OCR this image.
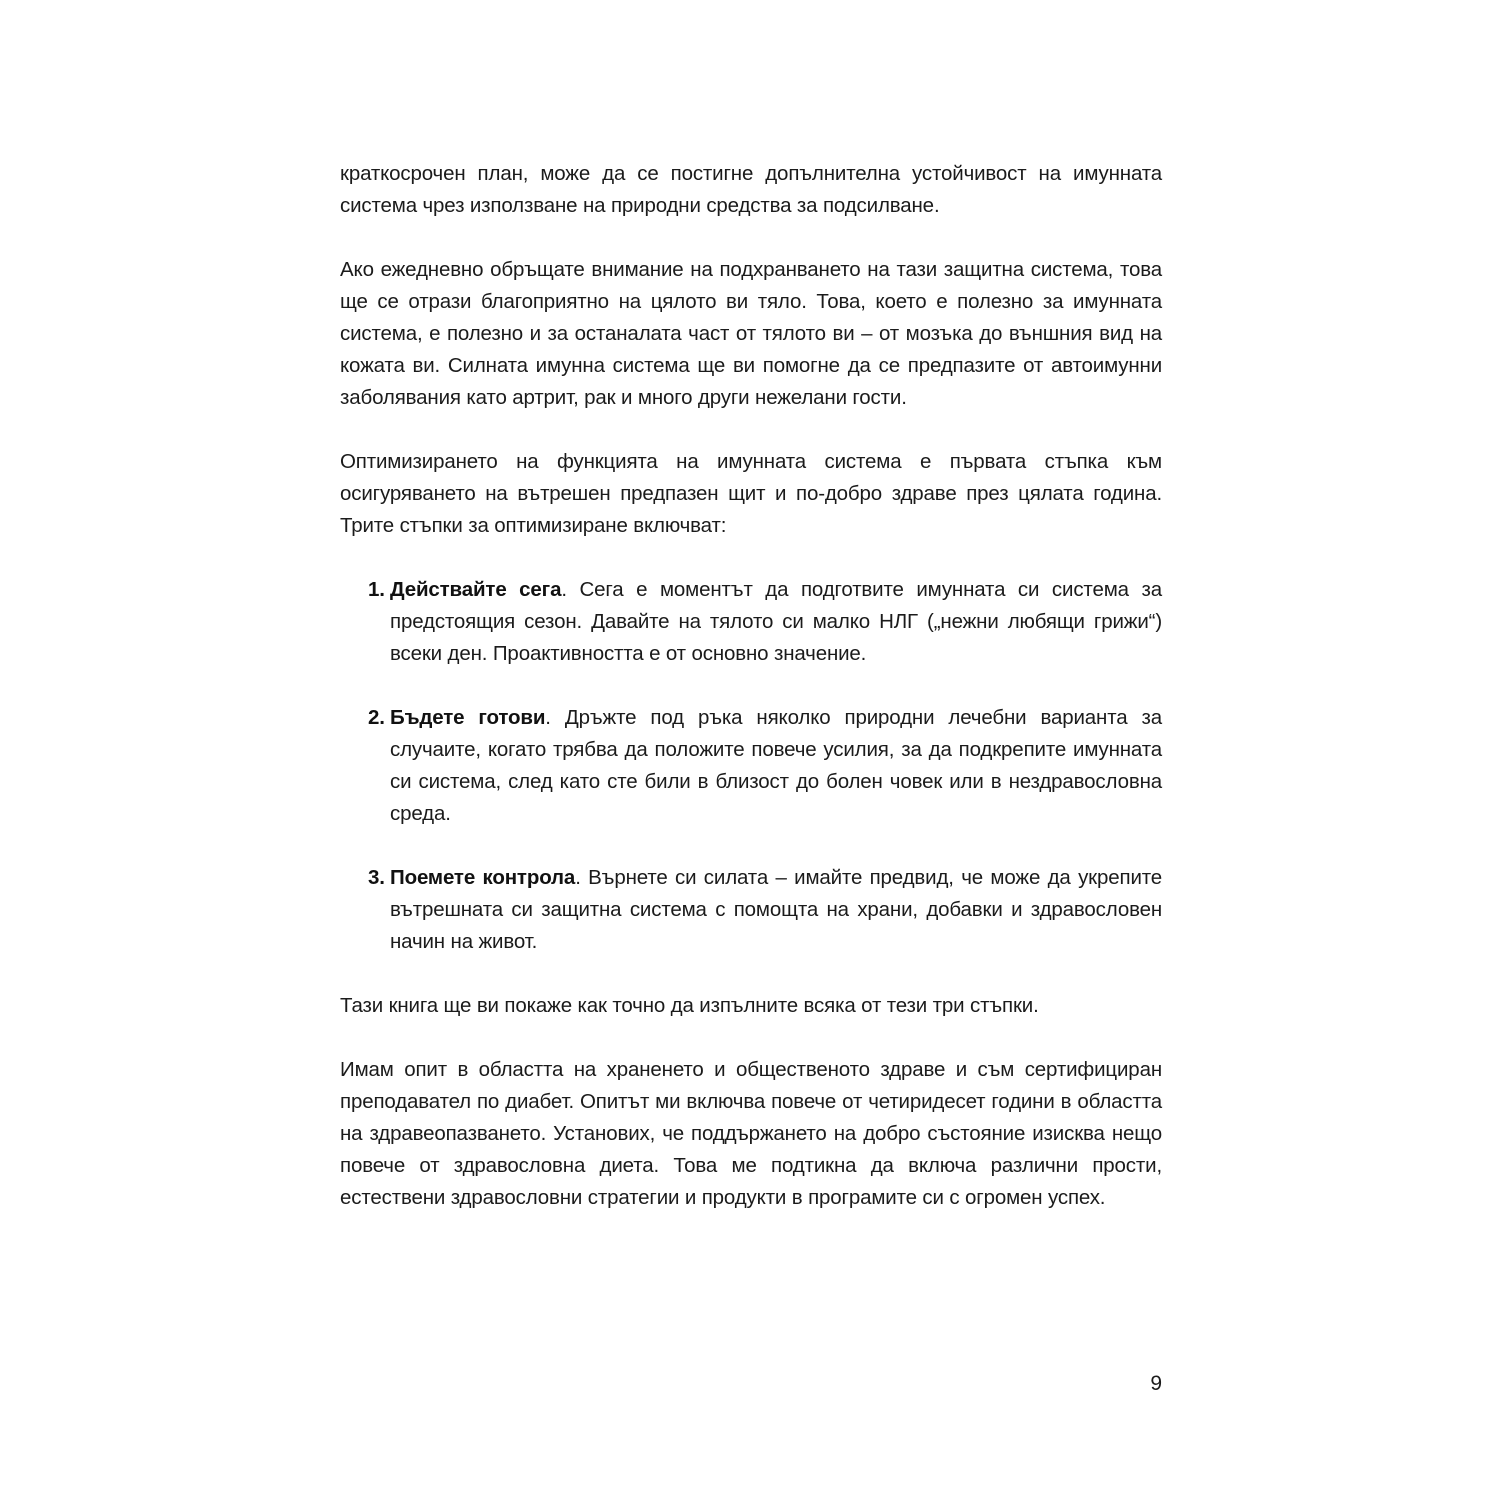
краткосрочен план, може да се постигне допълнителна устойчивост на имунната система чрез използване на природни средства за подсилване.

Ако ежедневно обръщате внимание на подхранването на тази защитна система, това ще се отрази благоприятно на цялото ви тяло. Това, което е полезно за имунната система, е полезно и за останалата част от тялото ви – от мозъка до външния вид на кожата ви. Силната имунна система ще ви помогне да се предпазите от автоимунни заболявания като артрит, рак и много други нежелани гости.

Оптимизирането на функцията на имунната система е първата стъпка към осигуряването на вътрешен предпазен щит и по-добро здраве през цялата година. Трите стъпки за оптимизиране включват:

1. Действайте сега. Сега е моментът да подготвите имунната си система за предстоящия сезон. Давайте на тялото си малко НЛГ („нежни любящи грижи“) всеки ден. Проактивността е от основно значение.
2. Бъдете готови. Дръжте под ръка няколко природни лечебни варианта за случаите, когато трябва да положите повече усилия, за да подкрепите имунната си система, след като сте били в близост до болен човек или в нездравословна среда.
3. Поемете контрола. Върнете си силата – имайте предвид, че може да укрепите вътрешната си защитна система с помощта на храни, добавки и здравословен начин на живот.

Тази книга ще ви покаже как точно да изпълните всяка от тези три стъпки.

Имам опит в областта на храненето и общественото здраве и съм сертифициран преподавател по диабет. Опитът ми включва повече от четиридесет години в областта на здравеопазването. Установих, че поддържането на добро състояние изисква нещо повече от здравословна диета. Това ме подтикна да включа различни прости, естествени здравословни стратегии и продукти в програмите си с огромен успех.

9
